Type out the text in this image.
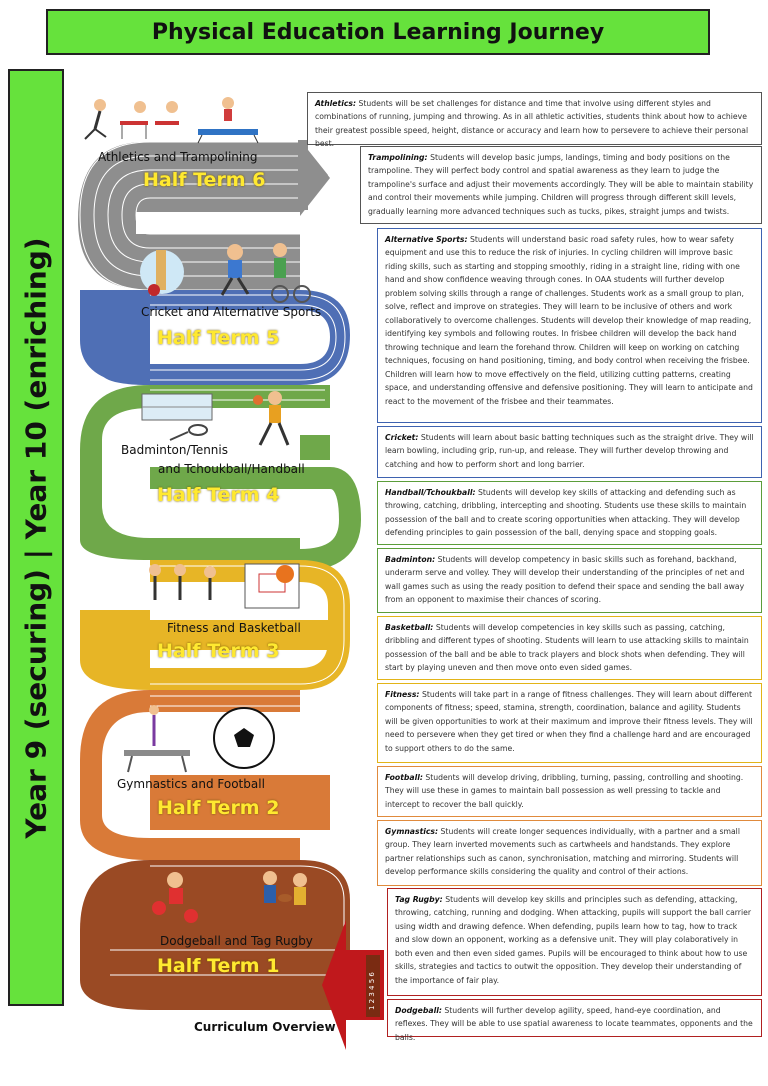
Physical Education Learning Journey
Year 9 (securing) | Year 10 (enriching)
1 2 3 4 5 6
Half Term 6
Half Term 5
Half Term 4
Half Term 3
Half Term 2
Half Term 1
Athletics and Trampolining
Cricket and Alternative Sports
Badminton/Tennis
and Tchoukball/Handball
Fitness and Basketball
Gymnastics and Football
Dodgeball and Tag Rugby
Curriculum Overview
Athletics: Students will be set challenges for distance and time that involve using different styles and combinations of running, jumping and throwing. As in all athletic activities, students think about how to achieve their greatest possible speed, height, distance or accuracy and learn how to persevere to achieve their personal best.
Trampolining: Students will develop basic jumps, landings, timing and body positions on the trampoline. They will perfect body control and spatial awareness as they learn to judge the trampoline's surface and adjust their movements accordingly. They will be able to maintain stability and control their movements while jumping. Children will progress through different skill levels, gradually learning more advanced techniques such as tucks, pikes, straight jumps and twists.
Alternative Sports: Students will understand basic road safety rules, how to wear safety equipment and use this to reduce the risk of injuries. In cycling children will improve basic riding skills, such as starting and stopping smoothly, riding in a straight line, riding with one hand and show confidence weaving through cones. In OAA students will further develop problem solving skills through a range of challenges. Students work as a small group to plan, solve, reflect and improve on strategies. They will learn to be inclusive of others and work collaboratively to overcome challenges. Students will develop their knowledge of map reading, identifying key symbols and following routes. In frisbee children will develop the back hand throwing technique and learn the forehand throw. Children will keep on working on catching techniques, focusing on hand positioning, timing, and body control when receiving the frisbee. Children will learn how to move effectively on the field, utilizing cutting patterns, creating space, and understanding offensive and defensive positioning. They will learn to anticipate and react to the movement of the frisbee and their teammates.
Cricket: Students will learn about basic batting techniques such as the straight drive. They will learn bowling, including grip, run-up, and release. They will further develop throwing and catching and how to perform short and long barrier.
Handball/Tchoukball: Students will develop key skills of attacking and defending such as throwing, catching, dribbling, intercepting and shooting. Students use these skills to maintain possession of the ball and to create scoring opportunities when attacking. They will develop defending principles to gain possession of the ball, denying space and stopping goals.
Badminton: Students will develop competency in basic skills such as forehand, backhand, underarm serve and volley. They will develop their understanding of the principles of net and wall games such as using the ready position to defend their space and sending the ball away from an opponent to maximise their chances of scoring.
Basketball: Students will develop competencies in key skills such as passing, catching, dribbling and different types of shooting. Students will learn to use attacking skills to maintain possession of the ball and be able to track players and block shots when defending. They will start by playing uneven and then move onto even sided games.
Fitness: Students will take part in a range of fitness challenges. They will learn about different components of fitness; speed, stamina, strength, coordination, balance and agility. Students will be given opportunities to work at their maximum and improve their fitness levels. They will need to persevere when they get tired or when they find a challenge hard and are encouraged to support others to do the same.
Football: Students will develop driving, dribbling, turning, passing, controlling and shooting. They will use these in games to maintain ball possession as well pressing to tackle and intercept to recover the ball quickly.
Gymnastics: Students will create longer sequences individually, with a partner and a small group. They learn inverted movements such as cartwheels and handstands. They explore partner relationships such as canon, synchronisation, matching and mirroring. Students will develop performance skills considering the quality and control of their actions.
Tag Rugby: Students will develop key skills and principles such as defending, attacking, throwing, catching, running and dodging. When attacking, pupils will support the ball carrier using width and drawing defence. When defending, pupils learn how to tag, how to track and slow down an opponent, working as a defensive unit. They will play colaboratively in both even and then even sided games. Pupils will be encouraged to think about how to use skills, strategies and tactics to outwit the opposition. They develop their understanding of the importance of fair play.
Dodgeball: Students will further develop agility, speed, hand-eye coordination, and reflexes. They will be able to use spatial awareness to locate teammates, opponents and the balls.
